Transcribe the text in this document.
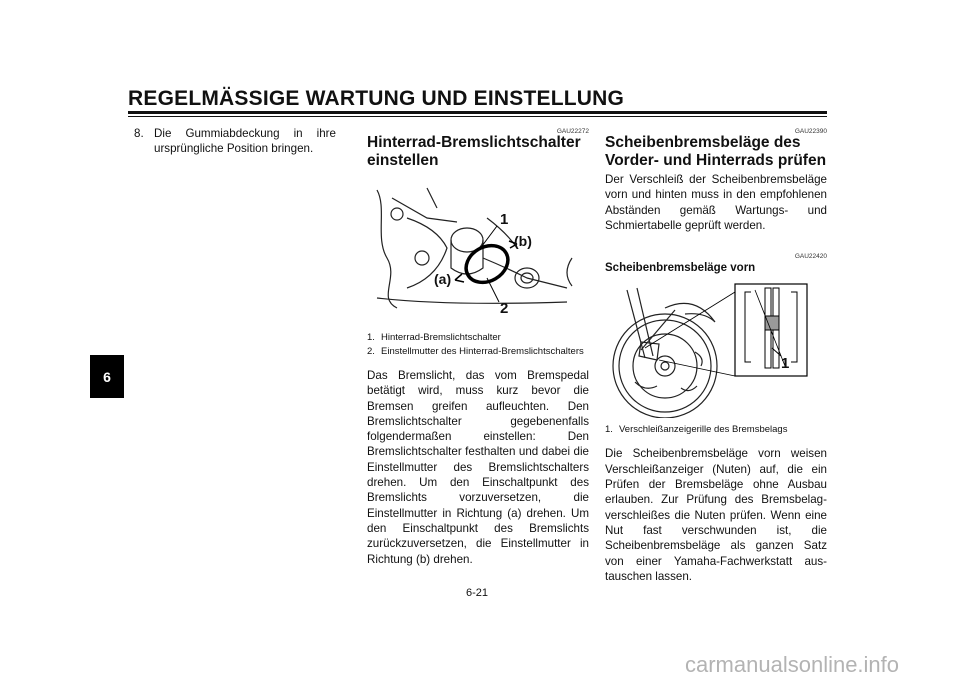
REGELMÄSSIGE WARTUNG UND EINSTELLUNG
6
8. Die Gummiabdeckung in ihre ursprüngliche Position bringen.
GAU22272
Hinterrad-Bremslichtschalter einstellen
1
(b)
(a)
2
1. Hinterrad-Bremslichtschalter
2. Einstellmutter des Hinterrad-Bremslichtschalters
Das Bremslicht, das vom Bremspedal betätigt wird, muss kurz bevor die Bremsen greifen aufleuchten. Den Bremslichtschalter gegebenenfalls folgendermaßen einstellen: Den Bremslichtschalter festhalten und dabei die Einstellmutter des Bremslichtschalters drehen. Um den Einschaltpunkt des Bremslichts vorzuversetzen, die Einstellmutter in Richtung (a) drehen. Um den Einschaltpunkt des Bremslichts zurückzuversetzen, die Einstellmutter in Richtung (b) drehen.
GAU22390
Scheibenbremsbeläge des Vorder- und Hinterrads prüfen
Der Verschleiß der Scheibenbremsbeläge vorn und hinten muss in den empfohlenen Abständen gemäß Wartungs- und Schmiertabelle geprüft werden.
GAU22420
Scheibenbremsbeläge vorn
1
1. Verschleißanzeigerille des Bremsbelags
Die Scheibenbremsbeläge vorn weisen Verschleißanzeiger (Nuten) auf, die ein Prüfen der Bremsbeläge ohne Ausbau erlauben. Zur Prüfung des Bremsbelag-verschleißes die Nuten prüfen. Wenn eine Nut fast verschwunden ist, die Scheibenbremsbeläge als ganzen Satz von einer Yamaha-Fachwerkstatt aus-tauschen lassen.
6-21
carmanualsonline.info
